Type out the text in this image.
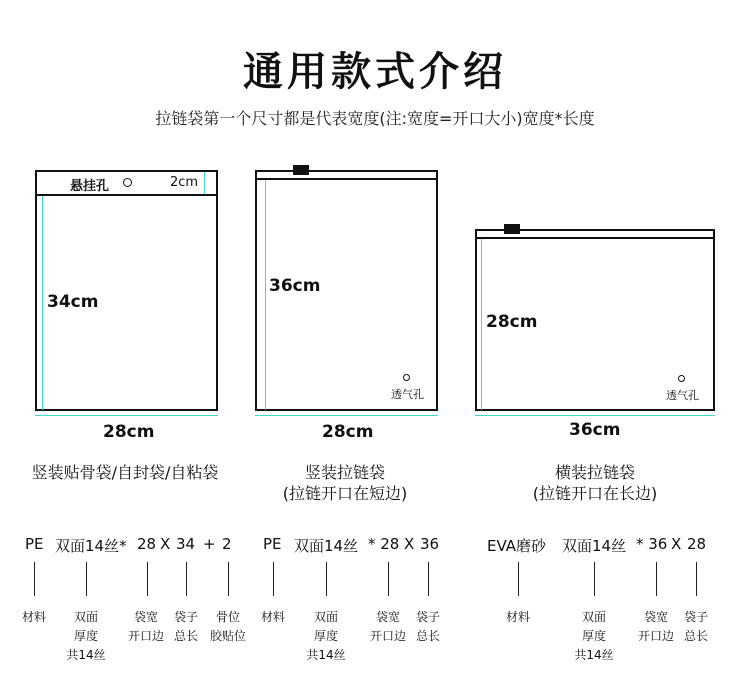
通用款式介绍
拉链袋第一个尺寸都是代表宽度(注:宽度=开口大小)宽度*长度
悬挂孔	2cm
34cm
28cm
36cm
透气孔
28cm
28cm
透气孔
36cm
竖装贴骨袋/自封袋/自粘袋	竖装拉链袋
(拉链开口在短边)
横装拉链袋
(拉链开口在长边)
PE 双面14丝* 28 X 34 + 2
材料	双面
厚度
共14丝
袋宽
开口边
袋子
总长
骨位
胶贴位
PE 双面14丝 * 28 X 36
材料	双面
厚度
共14丝
袋宽
开口边
袋子
总长
EVA磨砂 双面14丝 * 36 X 28
材料	双面
厚度
共14丝
袋宽
开口边
袋子
总长
